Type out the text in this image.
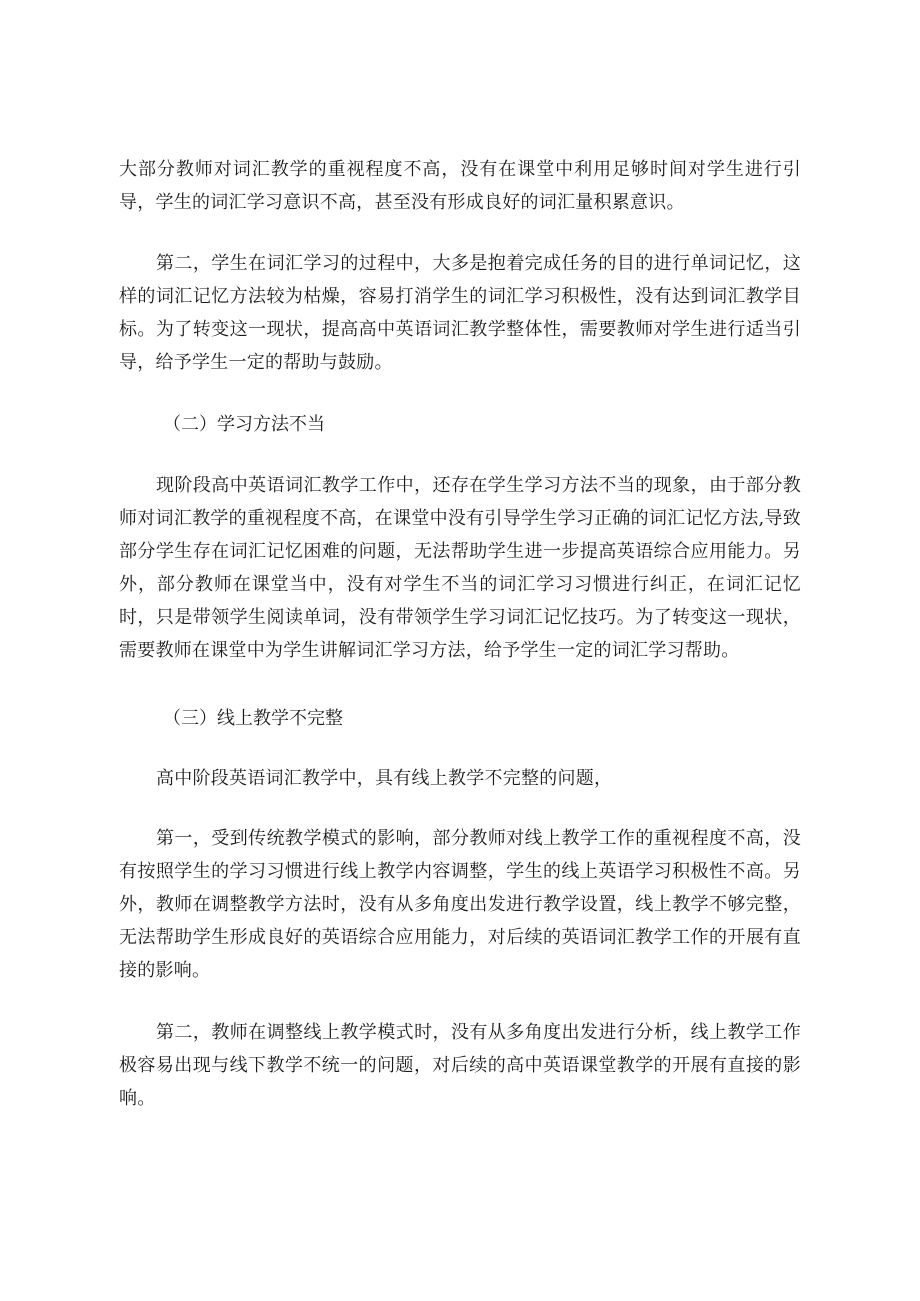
大部分教师对词汇教学的重视程度不高，没有在课堂中利用足够时间对学生进行引导，学生的词汇学习意识不高，甚至没有形成良好的词汇量积累意识。

第二，学生在词汇学习的过程中，大多是抱着完成任务的目的进行单词记忆，这样的词汇记忆方法较为枯燥，容易打消学生的词汇学习积极性，没有达到词汇教学目标。为了转变这一现状，提高高中英语词汇教学整体性，需要教师对学生进行适当引导，给予学生一定的帮助与鼓励。

（二）学习方法不当

现阶段高中英语词汇教学工作中，还存在学生学习方法不当的现象，由于部分教师对词汇教学的重视程度不高，在课堂中没有引导学生学习正确的词汇记忆方法,导致部分学生存在词汇记忆困难的问题，无法帮助学生进一步提高英语综合应用能力。另外，部分教师在课堂当中，没有对学生不当的词汇学习习惯进行纠正，在词汇记忆时，只是带领学生阅读单词，没有带领学生学习词汇记忆技巧。为了转变这一现状，需要教师在课堂中为学生讲解词汇学习方法，给予学生一定的词汇学习帮助。

（三）线上教学不完整

高中阶段英语词汇教学中，具有线上教学不完整的问题，

第一，受到传统教学模式的影响，部分教师对线上教学工作的重视程度不高，没有按照学生的学习习惯进行线上教学内容调整，学生的线上英语学习积极性不高。另外，教师在调整教学方法时，没有从多角度出发进行教学设置，线上教学不够完整，无法帮助学生形成良好的英语综合应用能力，对后续的英语词汇教学工作的开展有直接的影响。

第二，教师在调整线上教学模式时，没有从多角度出发进行分析，线上教学工作极容易出现与线下教学不统一的问题，对后续的高中英语课堂教学的开展有直接的影响。
